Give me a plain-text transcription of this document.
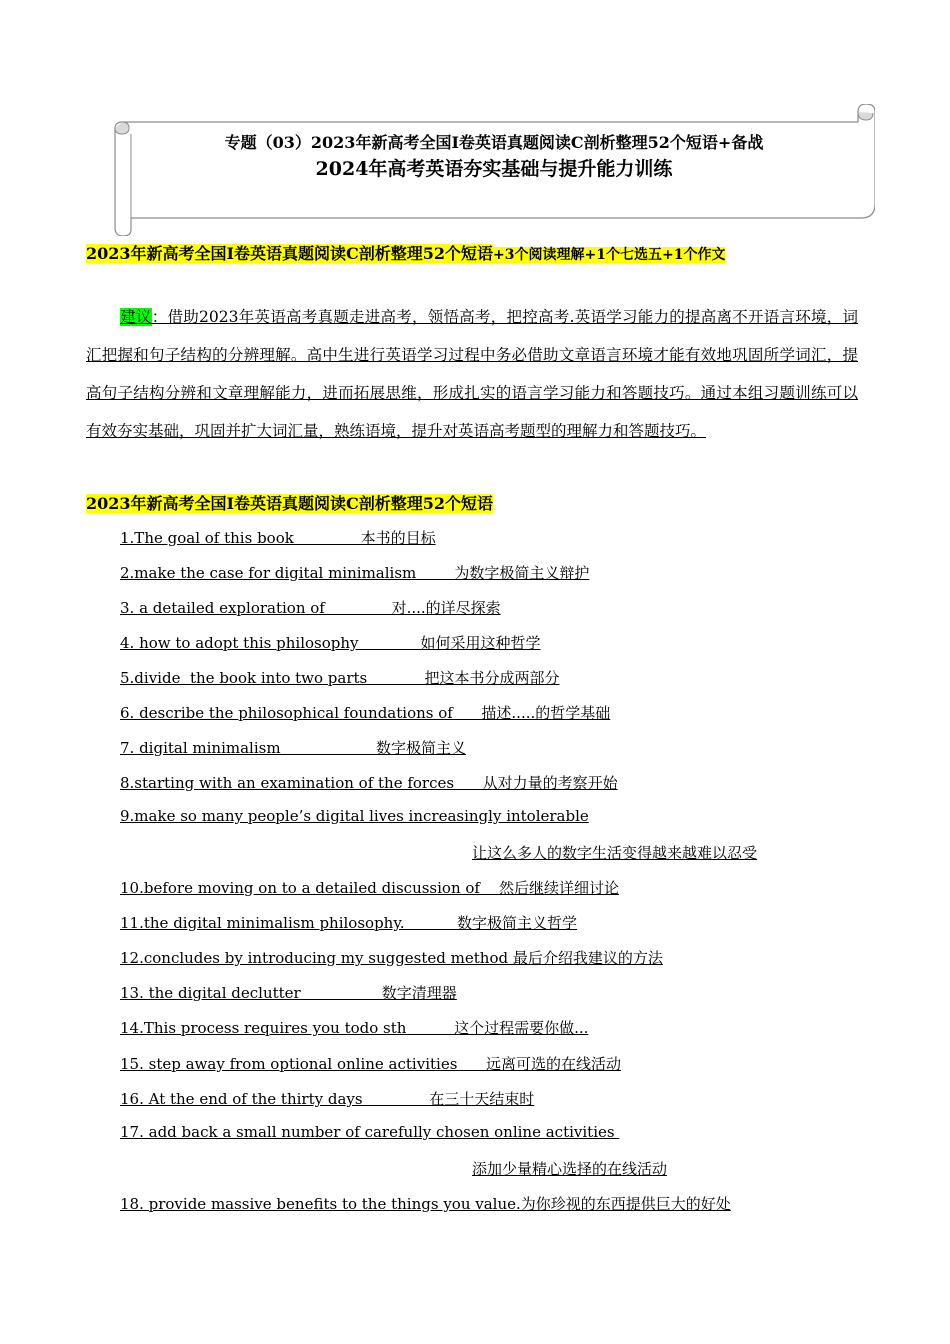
专题（03）2023年新高考全国Ⅰ卷英语真题阅读C剖析整理52个短语+备战
2024年高考英语夯实基础与提升能力训练
2023年新高考全国Ⅰ卷英语真题阅读C剖析整理52个短语+3个阅读理解+1个七选五+1个作文
建议：借助2023年英语高考真题走进高考，领悟高考，把控高考.英语学习能力的提高离不开语言环境，词汇把握和句子结构的分辨理解。高中生进行英语学习过程中务必借助文章语言环境才能有效地巩固所学词汇，提高句子结构分辨和文章理解能力，进而拓展思维，形成扎实的语言学习能力和答题技巧。通过本组习题训练可以有效夯实基础，巩固并扩大词汇量，熟练语境，提升对英语高考题型的理解力和答题技巧。
2023年新高考全国Ⅰ卷英语真题阅读C剖析整理52个短语
1.The goal of this book              本书的目标
2.make the case for digital minimalism        为数字极简主义辩护
3. a detailed exploration of              对....的详尽探索
4. how to adopt this philosophy             如何采用这种哲学
5.divide  the book into two parts            把这本书分成两部分
6. describe the philosophical foundations of      描述.....的哲学基础
7. digital minimalism                    数字极简主义
8.starting with an examination of the forces      从对力量的考察开始
9.make so many people’s digital lives increasingly intolerable
让这么多人的数字生活变得越来越难以忍受
10.before moving on to a detailed discussion of    然后继续详细讨论
11.the digital minimalism philosophy.           数字极简主义哲学
12.concludes by introducing my suggested method 最后介绍我建议的方法
13. the digital declutter                 数字清理器
14.This process requires you todo sth          这个过程需要你做...
15. step away from optional online activities      远离可选的在线活动
16. At the end of the thirty days              在三十天结束时
17. add back a small number of carefully chosen online activities
添加少量精心选择的在线活动
18. provide massive benefits to the things you value.为你珍视的东西提供巨大的好处
